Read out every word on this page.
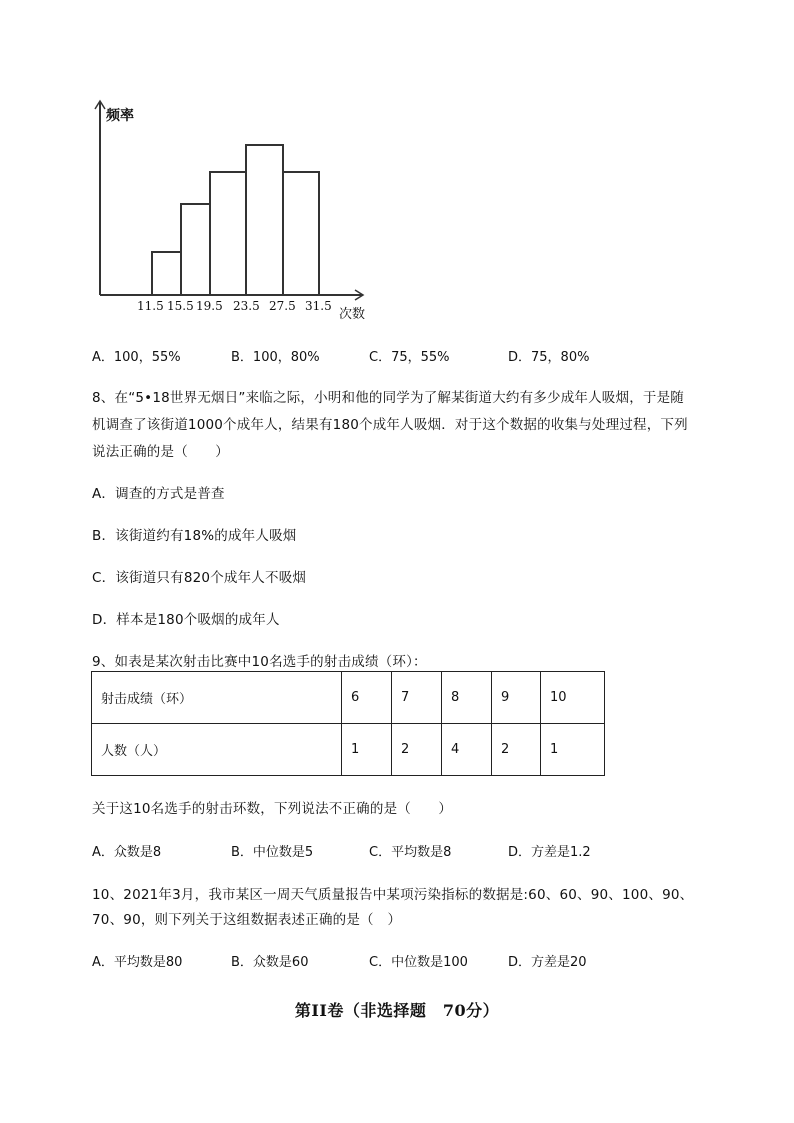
频率
11.5 15.5 19.5 23.5 27.5 31.5
次数
A．100，55%	B．100，80%	C．75，55%	D．75，80%
8、在“5•18世界无烟日”来临之际，小明和他的同学为了解某街道大约有多少成年人吸烟，于是随
机调查了该街道1000个成年人，结果有180个成年人吸烟．对于这个数据的收集与处理过程，下列
说法正确的是（　　）
A．调查的方式是普查
B．该街道约有18%的成年人吸烟
C．该街道只有820个成年人不吸烟
D．样本是180个吸烟的成年人
9、如表是某次射击比赛中10名选手的射击成绩（环）：
射击成绩（环）	6	7	8	9	10
人数（人）	1	2	4	2	1
关于这10名选手的射击环数，下列说法不正确的是（　　）
A．众数是8	B．中位数是5	C．平均数是8	D．方差是1.2
10、2021年3月，我市某区一周天气质量报告中某项污染指标的数据是:60、60、90、100、90、
70、90，则下列关于这组数据表述正确的是（　）
A．平均数是80	B．众数是60	C．中位数是100	D．方差是20
第II卷（非选择题　70分）
